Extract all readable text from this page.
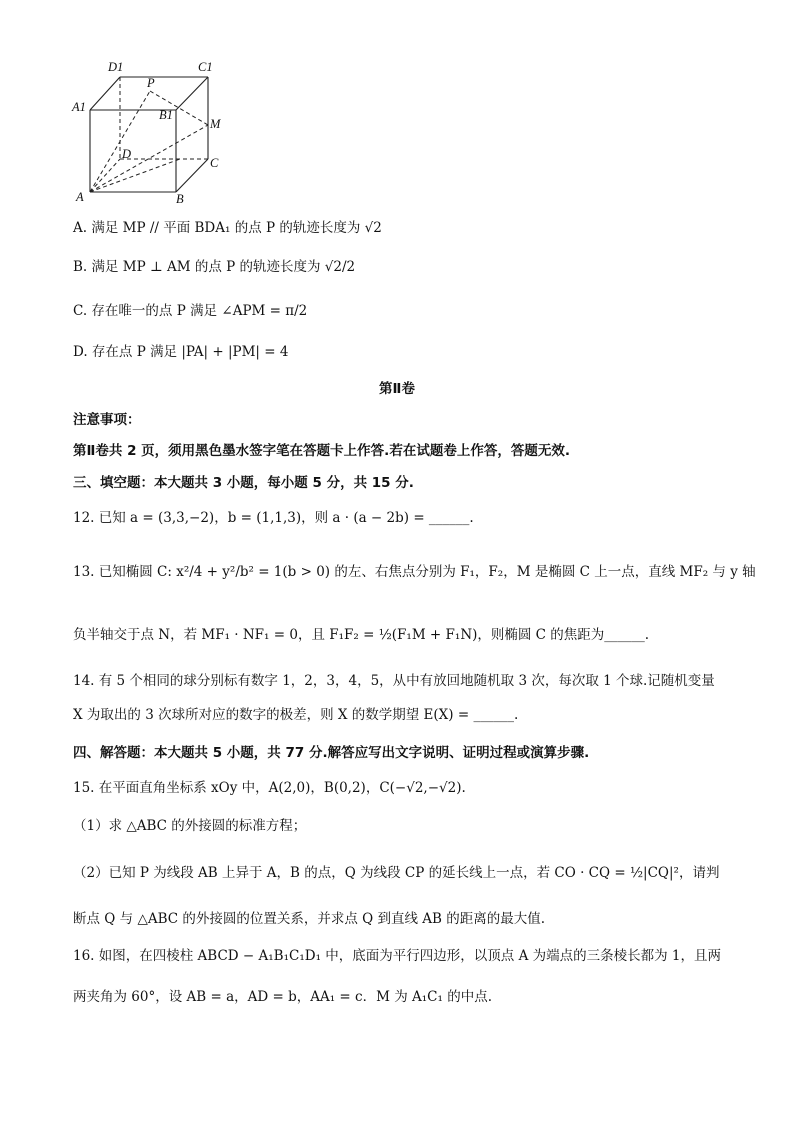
D1	C1
P
A1
B1
M
D
C
A	B
A. 满足 MP // 平面 BDA₁ 的点 P 的轨迹长度为 √2
B. 满足 MP ⊥ AM 的点 P 的轨迹长度为 √2/2
C. 存在唯一的点 P 满足 ∠APM = π/2
D. 存在点 P 满足 |PA| + |PM| = 4
第Ⅱ卷
注意事项：
第Ⅱ卷共 2 页，须用黑色墨水签字笔在答题卡上作答.若在试题卷上作答，答题无效.
三、填空题：本大题共 3 小题，每小题 5 分，共 15 分.
12. 已知 a = (3,3,−2)，b = (1,1,3)，则 a · (a − 2b) = ______.
13. 已知椭圆 C: x²/4 + y²/b² = 1(b > 0) 的左、右焦点分别为 F₁，F₂，M 是椭圆 C 上一点，直线 MF₂ 与 y 轴
负半轴交于点 N，若 MF₁ · NF₁ = 0，且 F₁F₂ = ½(F₁M + F₁N)，则椭圆 C 的焦距为______.
14. 有 5 个相同的球分别标有数字 1，2，3，4，5，从中有放回地随机取 3 次，每次取 1 个球.记随机变量
X 为取出的 3 次球所对应的数字的极差，则 X 的数学期望 E(X) = ______.
四、解答题：本大题共 5 小题，共 77 分.解答应写出文字说明、证明过程或演算步骤.
15. 在平面直角坐标系 xOy 中，A(2,0)，B(0,2)，C(−√2,−√2).
（1）求 △ABC 的外接圆的标准方程；
（2）已知 P 为线段 AB 上异于 A，B 的点，Q 为线段 CP 的延长线上一点，若 CO · CQ = ½|CQ|²，请判
断点 Q 与 △ABC 的外接圆的位置关系，并求点 Q 到直线 AB 的距离的最大值.
16. 如图，在四棱柱 ABCD − A₁B₁C₁D₁ 中，底面为平行四边形，以顶点 A 为端点的三条棱长都为 1，且两
两夹角为 60°，设 AB = a，AD = b，AA₁ = c．M 为 A₁C₁ 的中点.
